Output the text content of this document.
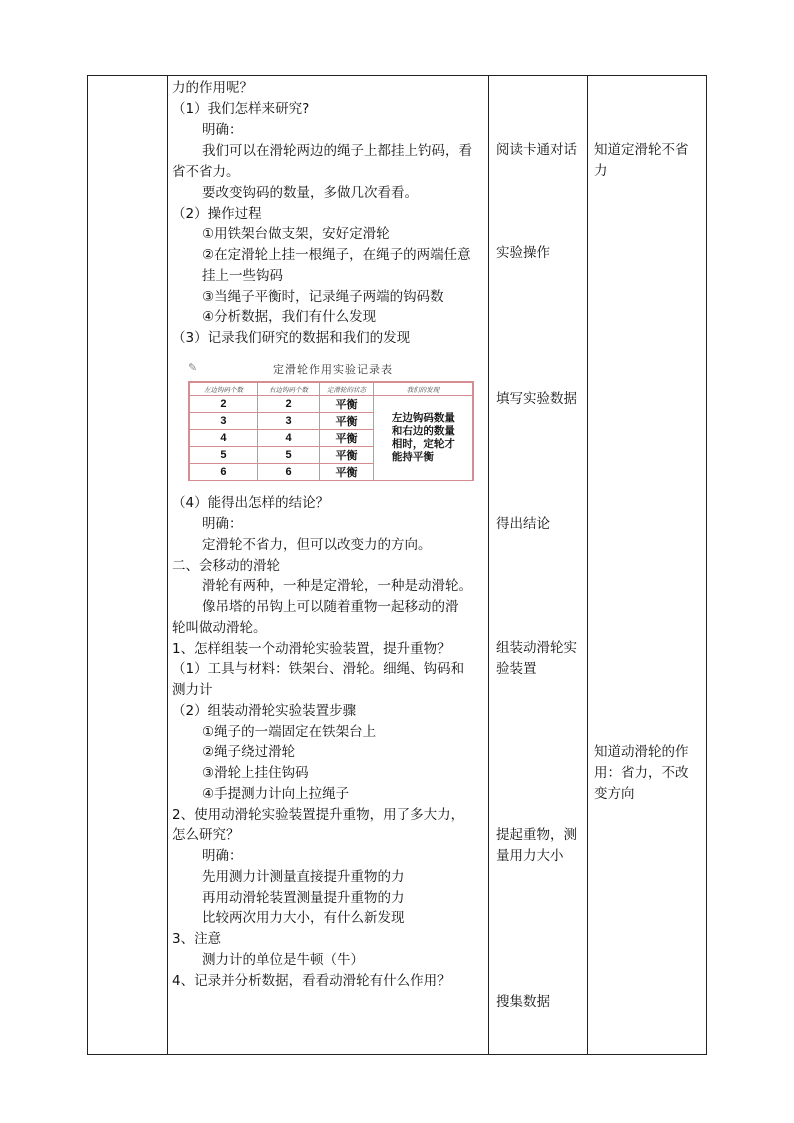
力的作用呢？
（1）我们怎样来研究?
明确：
我们可以在滑轮两边的绳子上都挂上钓码，看
省不省力。
要改变钩码的数量，多做几次看看。
（2）操作过程
①用铁架台做支架，安好定滑轮
②在定滑轮上挂一根绳子，在绳子的两端任意
挂上一些钩码
③当绳子平衡时，记录绳子两端的钩码数
④分析数据，我们有什么发现
（3）记录我们研究的数据和我们的发现
✎	定滑轮作用实验记录表
左边钩码个数	右边钩码个数	定滑轮的状态	我们的发现
2	2	平衡	左边钩码数量
和右边的数量
相时，定轮才
能持平衡

3	3	平衡	
4	4	平衡	
5	5	平衡	
6	6	平衡	
（4）能得出怎样的结论？
明确：
定滑轮不省力，但可以改变力的方向。
二、会移动的滑轮
滑轮有两种，一种是定滑轮，一种是动滑轮。
像吊塔的吊钩上可以随着重物一起移动的滑
轮叫做动滑轮。
1、怎样组装一个动滑轮实验装置，提升重物？
（1）工具与材料：铁架台、滑轮。细绳、钩码和
测力计
（2）组装动滑轮实验装置步骤
①绳子的一端固定在铁架台上
②绳子绕过滑轮
③滑轮上挂住钩码
④手提测力计向上拉绳子
2、使用动滑轮实验装置提升重物，用了多大力，
怎么研究？
明确：
先用测力计测量直接提升重物的力
再用动滑轮装置测量提升重物的力
比较两次用力大小，有什么新发现
3、注意
测力计的单位是牛顿（牛）
4、记录并分析数据，看看动滑轮有什么作用？
阅读卡通对话
实验操作
填写实验数据
得出结论
组装动滑轮实
验装置
提起重物，测
量用力大小
搜集数据
知道定滑轮不省
力
知道动滑轮的作
用：省力，不改
变方向
